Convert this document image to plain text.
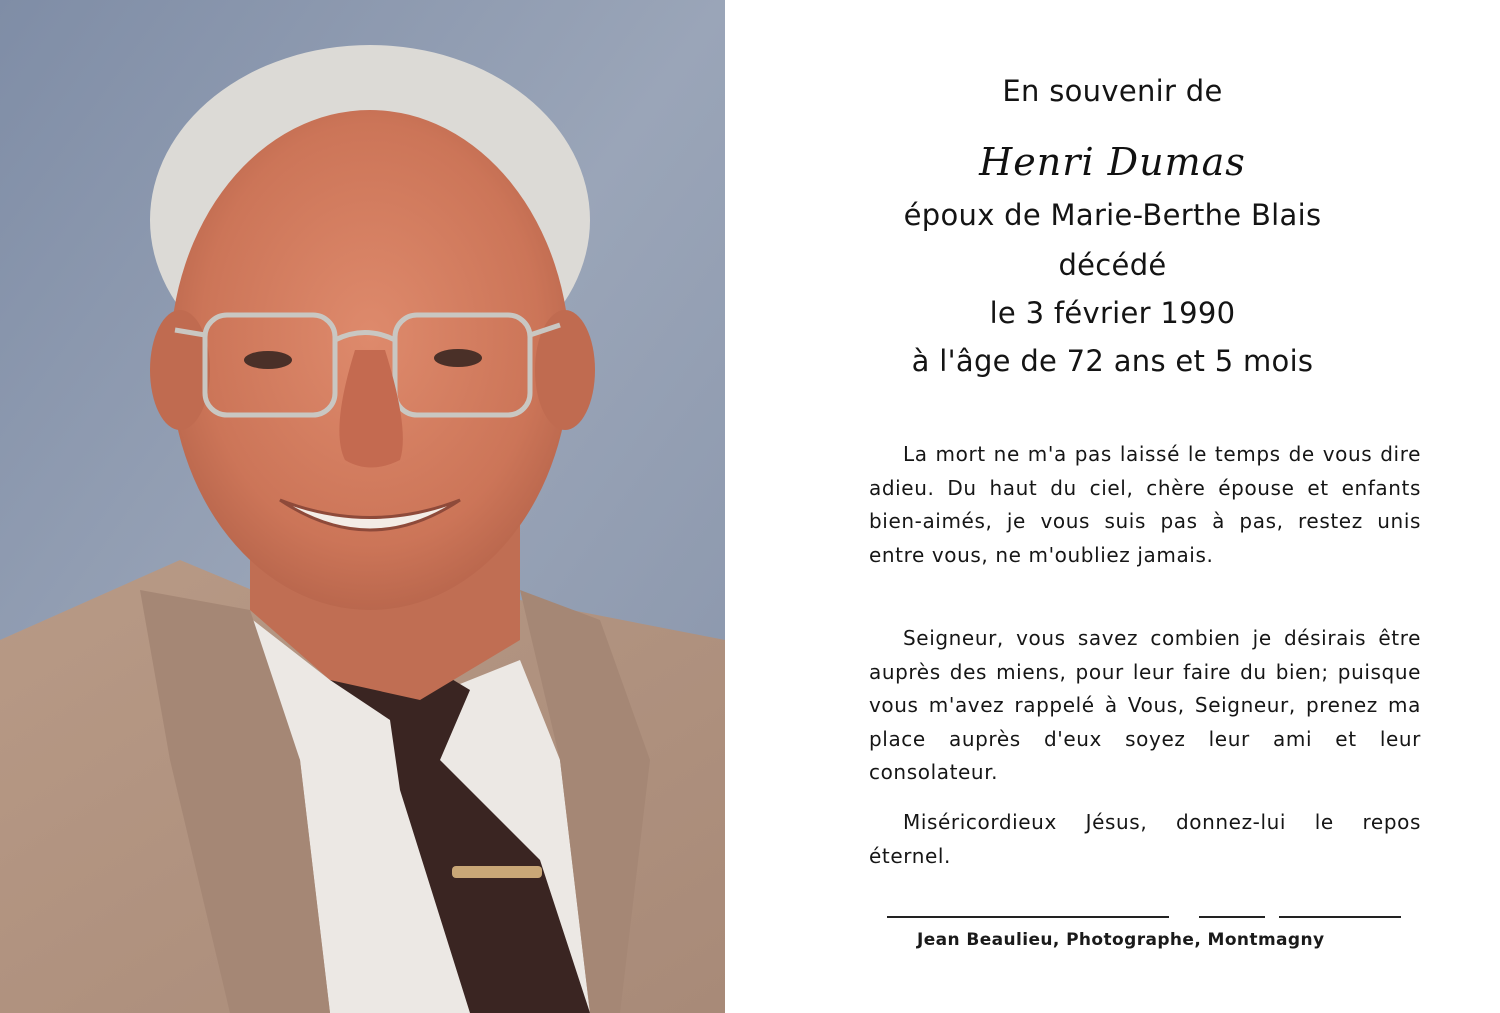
En souvenir de
Henri Dumas
époux de Marie-Berthe Blais
décédé
le 3 février 1990
à l'âge de 72 ans et 5 mois

La mort ne m'a pas laissé le temps de vous dire adieu. Du haut du ciel, chère épouse et enfants bien-aimés, je vous suis pas à pas, restez unis entre vous, ne m'oubliez jamais.

Seigneur, vous savez combien je désirais être auprès des miens, pour leur faire du bien; puisque vous m'avez rappelé à Vous, Seigneur, prenez ma place auprès d'eux soyez leur ami et leur consolateur.

Miséricordieux Jésus, donnez-lui le repos éternel.

Jean Beaulieu, Photographe, Montmagny
